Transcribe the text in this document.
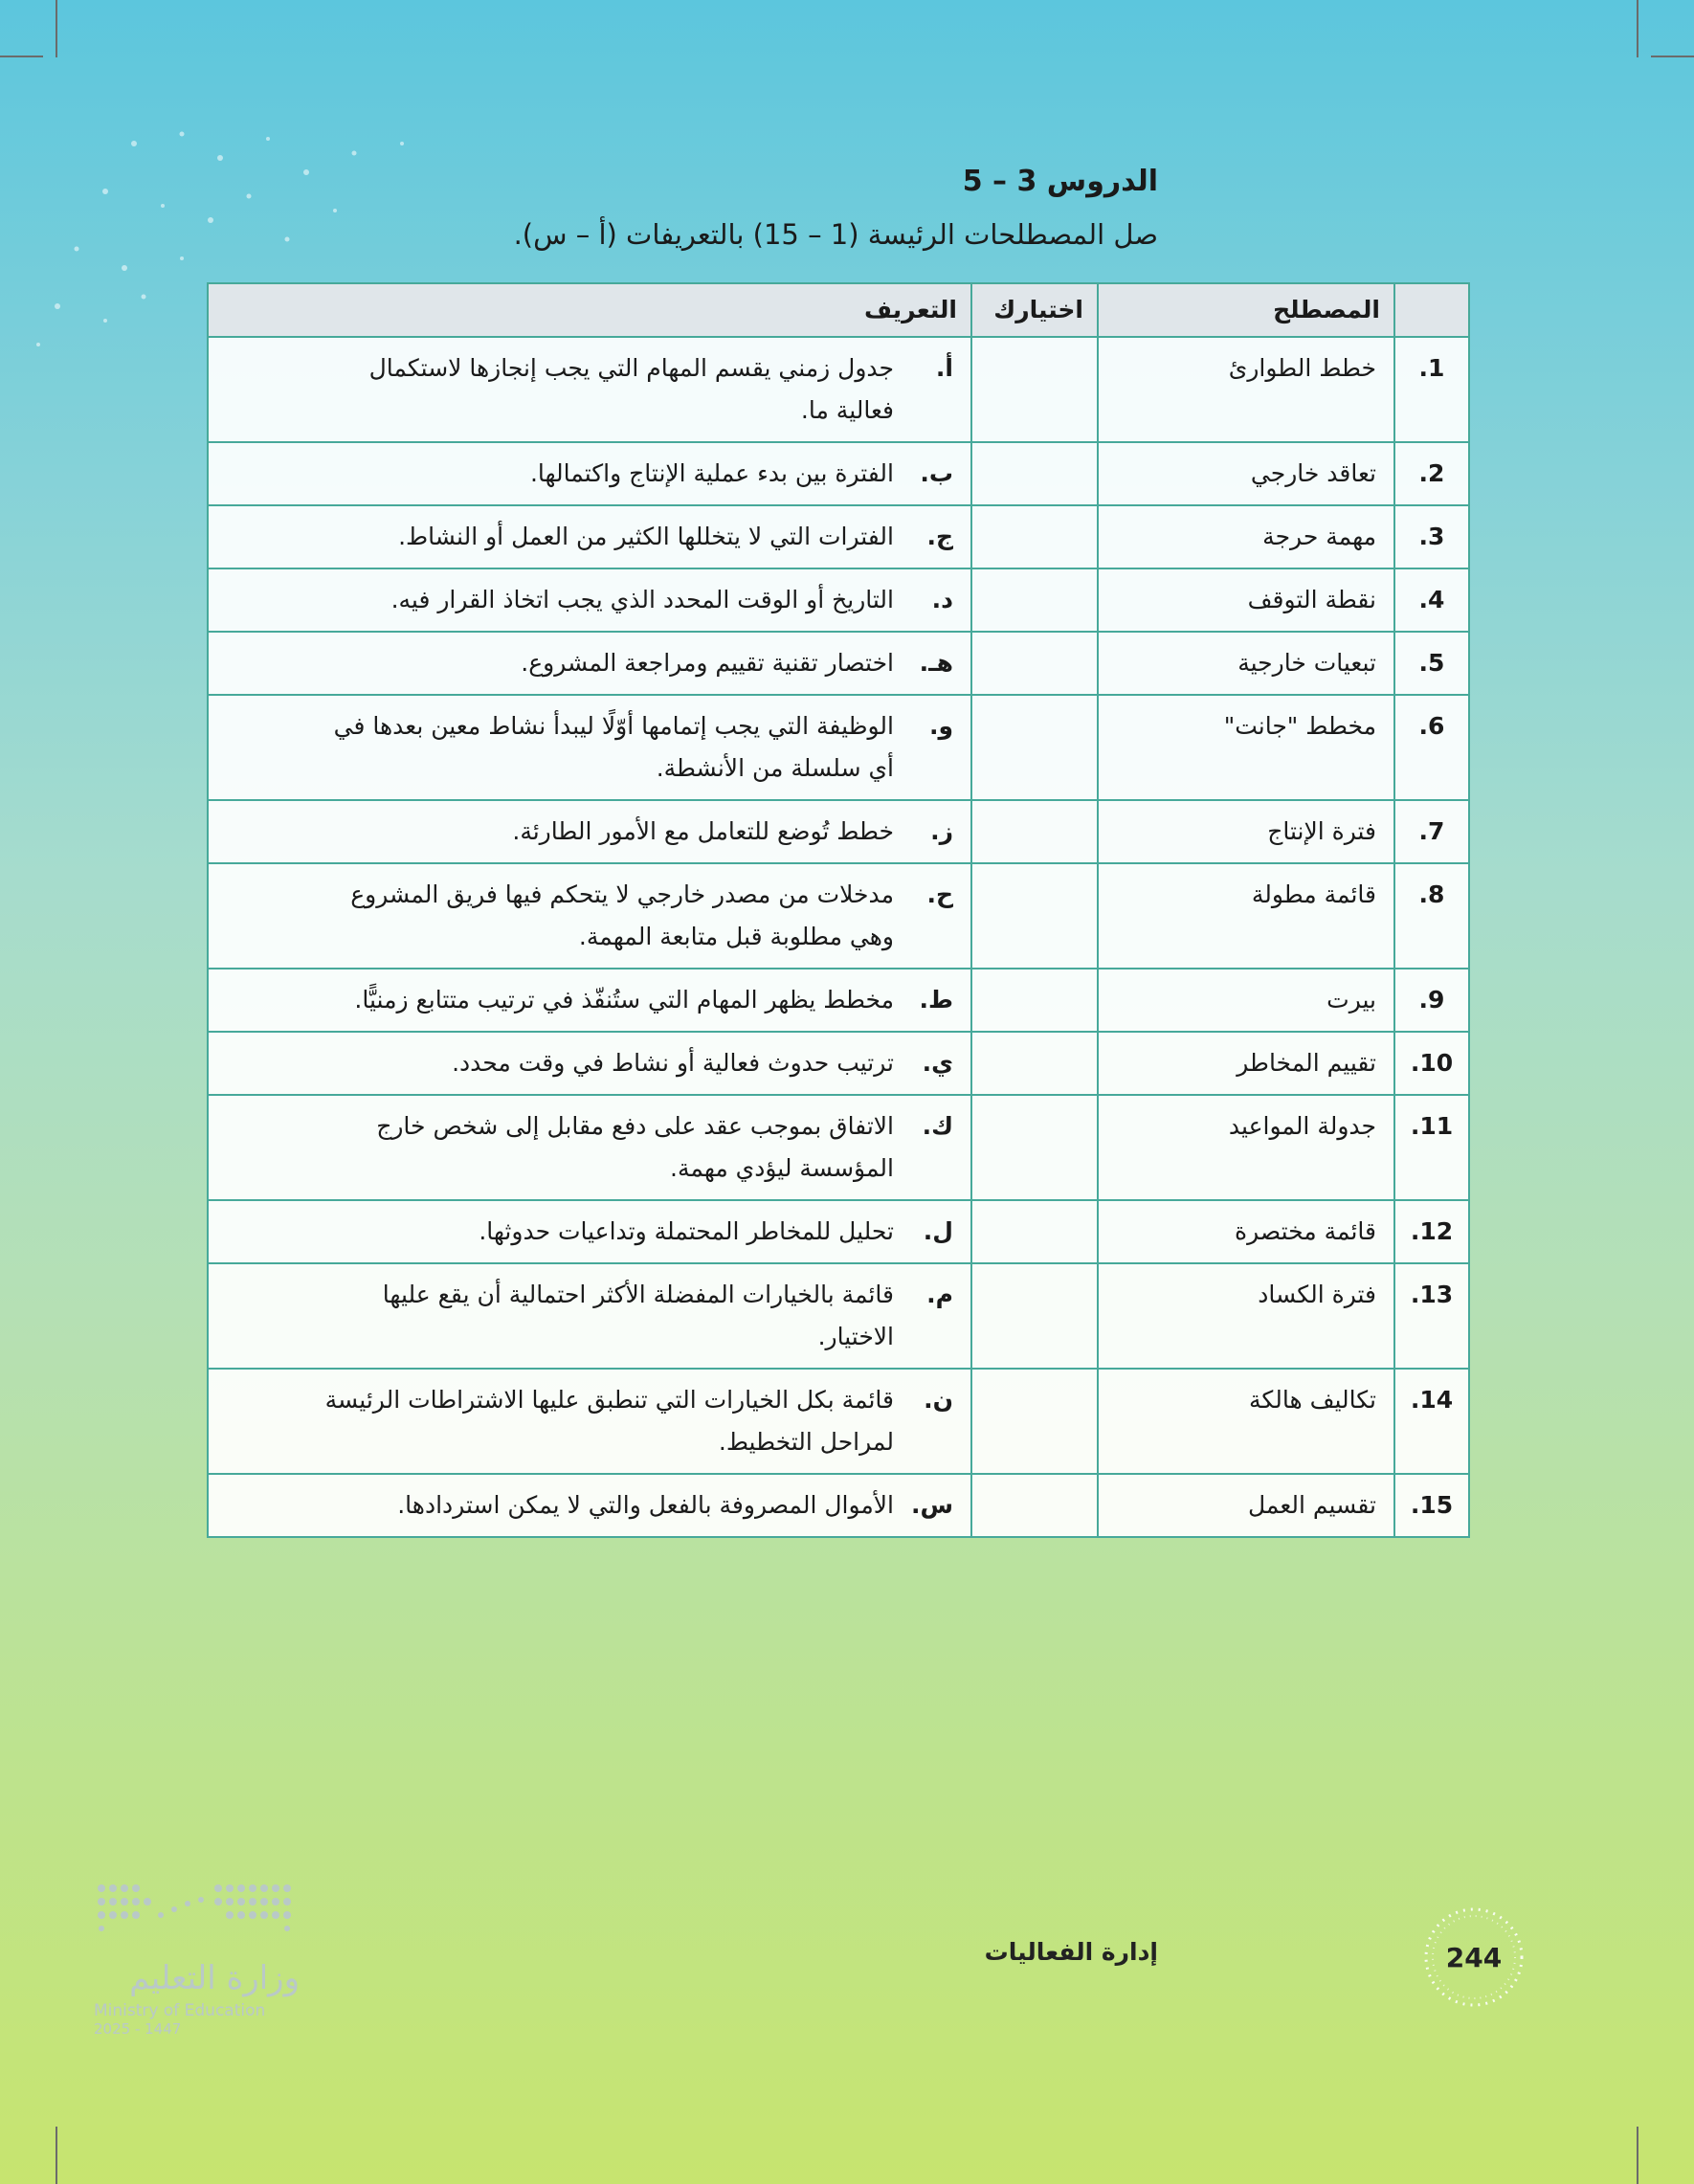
الدروس 3 – 5
صل المصطلحات الرئيسة (1 – 15) بالتعريفات (أ – س).
	المصطلح	اختيارك	التعريف
1.	خطط الطوارئ		أ.جدول زمني يقسم المهام التي يجب إنجازها لاستكمال فعالية ما.
2.	تعاقد خارجي		ب.الفترة بين بدء عملية الإنتاج واكتمالها.
3.	مهمة حرجة		ج.الفترات التي لا يتخللها الكثير من العمل أو النشاط.
4.	نقطة التوقف		د.التاريخ أو الوقت المحدد الذي يجب اتخاذ القرار فيه.
5.	تبعيات خارجية		هـ.اختصار تقنية تقييم ومراجعة المشروع.
6.	مخطط "جانت"		و.الوظيفة التي يجب إتمامها أوّلًا ليبدأ نشاط معين بعدها في أي سلسلة من الأنشطة.
7.	فترة الإنتاج		ز.خطط تُوضع للتعامل مع الأمور الطارئة.
8.	قائمة مطولة		ح.مدخلات من مصدر خارجي لا يتحكم فيها فريق المشروع وهي مطلوبة قبل متابعة المهمة.
9.	بيرت		ط.مخطط يظهر المهام التي ستُنفّذ في ترتيب متتابع زمنيًّا.
10.	تقييم المخاطر		ي.ترتيب حدوث فعالية أو نشاط في وقت محدد.
11.	جدولة المواعيد		ك.الاتفاق بموجب عقد على دفع مقابل إلى شخص خارج المؤسسة ليؤدي مهمة.
12.	قائمة مختصرة		ل.تحليل للمخاطر المحتملة وتداعيات حدوثها.
13.	فترة الكساد		م.قائمة بالخيارات المفضلة الأكثر احتمالية أن يقع عليها الاختيار.
14.	تكاليف هالكة		ن.قائمة بكل الخيارات التي تنطبق عليها الاشتراطات الرئيسة لمراحل التخطيط.
15.	تقسيم العمل		س.الأموال المصروفة بالفعل والتي لا يمكن استردادها.
244
إدارة الفعاليات
وزارة التعليم
Ministry of Education
2025 - 1447
